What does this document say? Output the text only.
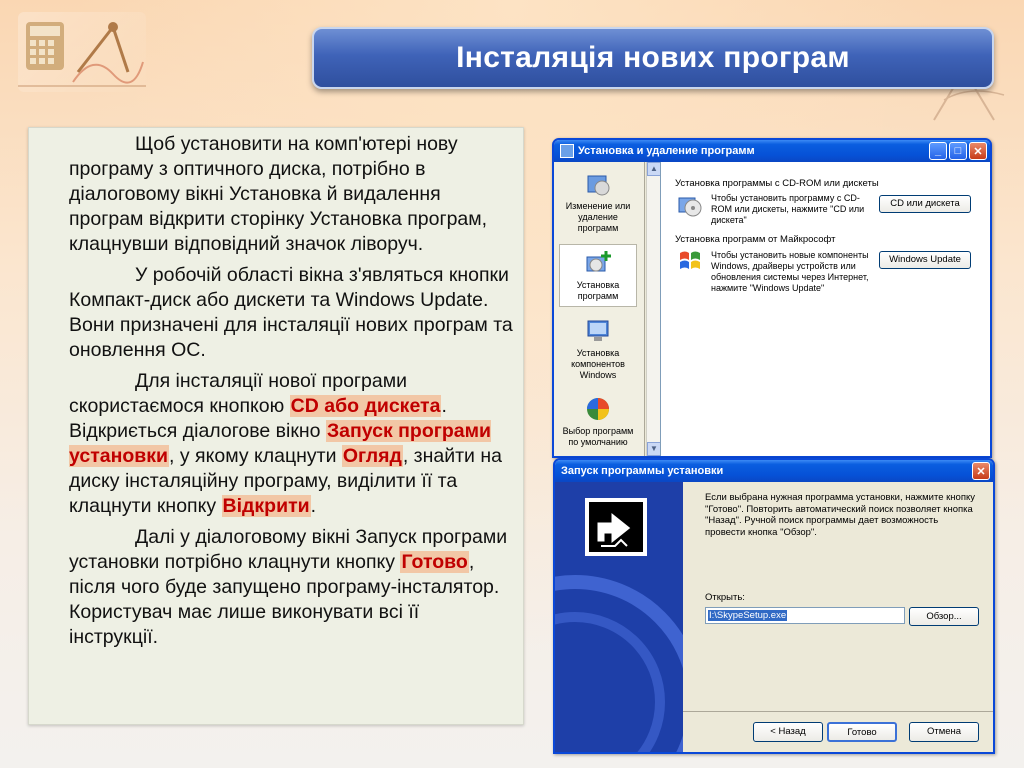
Інсталяція нових програм

Щоб установити на комп'ютері нову програму з оптичного диска, потрібно в діалоговому вікні Установка й видалення програм відкрити сторінку Установка програм, клацнувши відповідний значок ліворуч.

У робочій області вікна з'являться кнопки Компакт-диск або дискети та Windows Update. Вони призначені для інсталяції нових програм та оновлення ОС.

Для інсталяції нової програми скористаємося кнопкою CD або дискета. Відкриється діалогове вікно Запуск програми установки, у якому клацнути Огляд, знайти на диску інсталяційну програму, виділити її та клацнути кнопку Відкрити.

Далі у діалоговому вікні Запуск програми установки потрібно клацнути кнопку Готово, після чого буде запущено програму-інсталятор. Користувач має лише виконувати всі її інструкції.

Установка и удаление программ	_	□	✕
Изменение или удаление программ
Установка программ
Установка компонентов Windows
Выбор программ по умолчанию
▲
▼
Установка программы с CD-ROM или дискеты
Чтобы установить программу с CD-ROM или дискеты, нажмите "CD или дискета"
CD или дискета
Установка программ от Майкрософт
Чтобы установить новые компоненты Windows, драйверы устройств или обновления системы через Интернет, нажмите "Windows Update"
Windows Update
Запуск программы установки	✕
Если выбрана нужная программа установки, нажмите кнопку "Готово". Повторить автоматический поиск позволяет кнопка "Назад". Ручной поиск программы дает возможность провести кнопка "Обзор".
Открыть:
I:\SkypeSetup.exe	Обзор...
< Назад	Готово	Отмена
